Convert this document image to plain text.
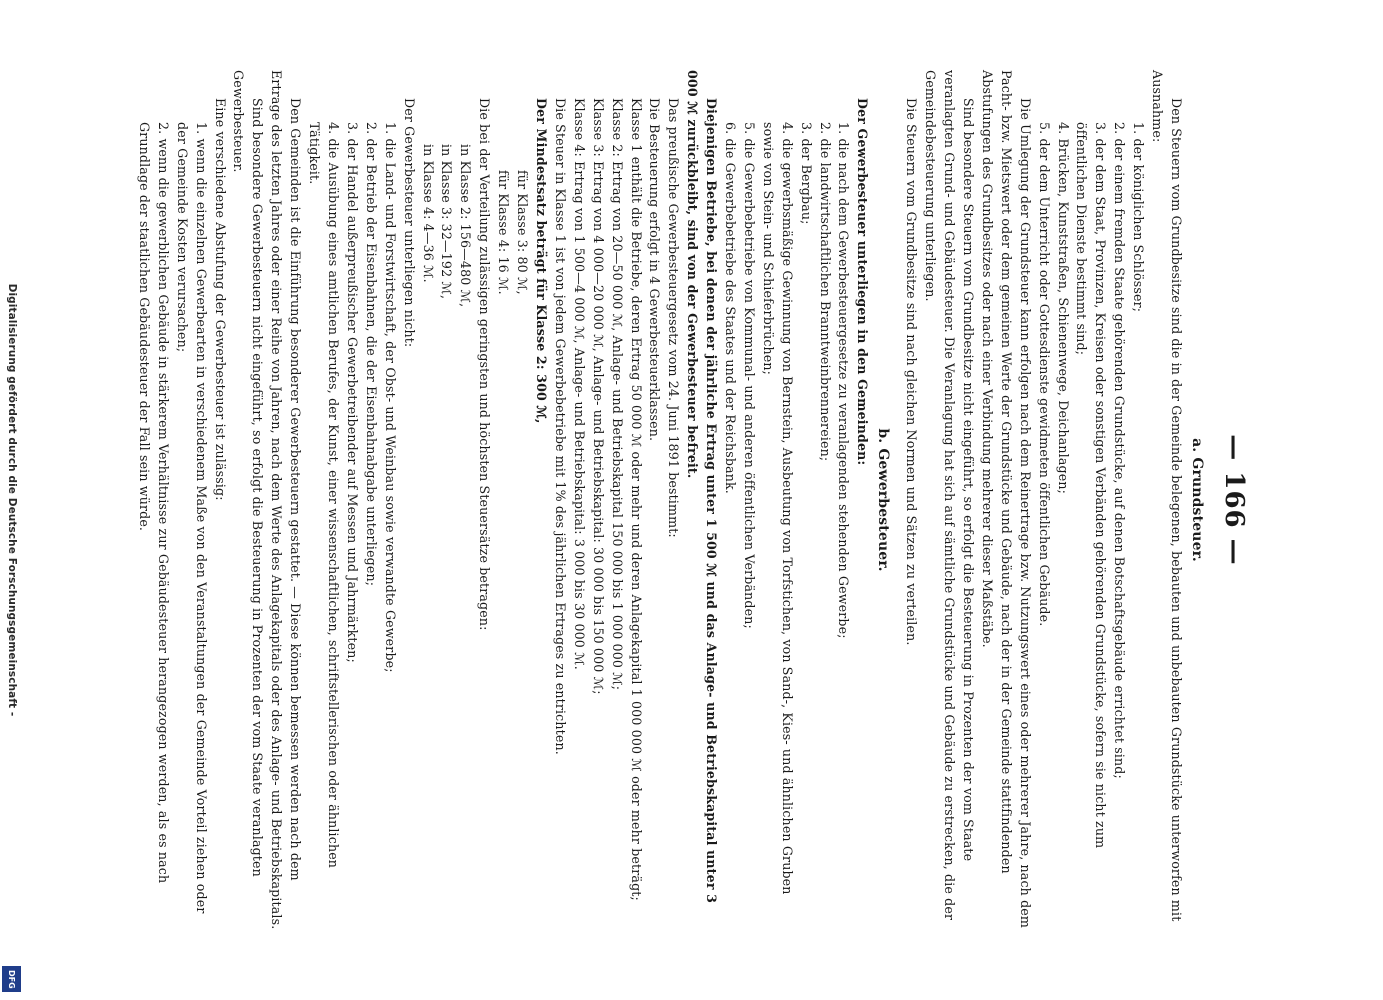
— 166 —

a. Grundsteuer.

Den Steuern vom Grundbesitze sind die in der Gemeinde belegenen, bebauten und unbebauten Grundstücke unterworfen mit Ausnahme:

1. der königlichen Schlösser;

2. der einem fremden Staate gehörenden Grundstücke, auf denen Botschaftsgebäude errichtet sind;

3. der dem Staat, Provinzen, Kreisen oder sonstigen Verbänden gehörenden Grundstücke, sofern sie nicht zum öffentlichen Dienste bestimmt sind;

4. Brücken, Kunststraßen, Schienenwege, Deichanlagen;

5. der dem Unterricht oder Gottesdienste gewidmeten öffentlichen Gebäude.

Die Umlegung der Grundsteuer kann erfolgen nach dem Reinertrage bzw. Nutzungswert eines oder mehrerer Jahre, nach dem Pacht- bzw. Mietswert oder dem gemeinen Werte der Grundstücke und Gebäude, nach der in der Gemeinde stattfindenden Abstufungen des Grundbesitzes oder nach einer Verbindung mehrerer dieser Maßstäbe.

Sind besondere Steuern vom Grundbesitze nicht eingeführt, so erfolgt die Besteuerung in Prozenten der vom Staate veranlagten Grund- und Gebäudesteuer. Die Veranlagung hat sich auf sämtliche Grundstücke und Gebäude zu erstrecken, die der Gemeindebesteuerung unterliegen.

Die Steuern vom Grundbesitze sind nach gleichen Normen und Sätzen zu verteilen.

b. Gewerbesteuer.

Der Gewerbesteuer unterliegen in den Gemeinden:

1. die nach dem Gewerbesteuergesetze zu veranlagenden stehenden Gewerbe;

2. die landwirtschaftlichen Branntweinbrennereien;

3. der Bergbau;

4. die gewerbsmäßige Gewinnung von Bernstein, Ausbeutung von Torfstichen, von Sand-, Kies- und ähnlichen Gruben sowie von Stein- und Schieferbrüchen;

5. die Gewerbebetriebe von Kommunal- und anderen öffentlichen Verbänden;

6. die Gewerbebetriebe des Staates und der Reichsbank.

Diejenigen Betriebe, bei denen der jährliche Ertrag unter 1 500 ℳ und das Anlage- und Betriebskapital unter 3 000 ℳ zurückbleibt, sind von der Gewerbesteuer befreit.

Das preußische Gewerbesteuergesetz vom 24. Juni 1891 bestimmt:

Die Besteuerung erfolgt in 4 Gewerbesteuerklassen.

Klasse 1 enthält die Betriebe, deren Ertrag 50 000 ℳ oder mehr und deren Anlagekapital 1 000 000 ℳ oder mehr beträgt;

Klasse 2: Ertrag von 20—50 000 ℳ, Anlage- und Betriebskapital 150 000 bis 1 000 000 ℳ;

Klasse 3: Ertrag von 4 000—20 000 ℳ, Anlage- und Betriebskapital: 30 000 bis 150 000 ℳ;

Klasse 4: Ertrag von 1 500—4 000 ℳ, Anlage- und Betriebskapital: 3 000 bis 30 000 ℳ.

Die Steuer in Klasse 1 ist von jedem Gewerbebetriebe mit 1% des jährlichen Ertrages zu entrichten.

Der Mindestsatz beträgt für Klasse 2: 300 ℳ,

für Klasse 3: 80 ℳ,

für Klasse 4: 16 ℳ.

Die bei der Verteilung zulässigen geringsten und höchsten Steuersätze betragen:

in Klasse 2: 156—480 ℳ,

in Klasse 3: 32—192 ℳ,

in Klasse 4: 4—36 ℳ.

Der Gewerbesteuer unterliegen nicht:

1. die Land- und Forstwirtschaft, der Obst- und Weinbau sowie verwandte Gewerbe;

2. der Betrieb der Eisenbahnen, die der Eisenbahnabgabe unterliegen;

3. der Handel außerpreußischer Gewerbetreibender auf Messen und Jahrmärkten;

4. die Ausübung eines amtlichen Berufes, der Kunst, einer wissenschaftlichen, schriftstellerischen oder ähnlichen Tätigkeit.

Den Gemeinden ist die Einführung besonderer Gewerbesteuern gestattet. — Diese können bemessen werden nach dem Ertrage des letzten Jahres oder einer Reihe von Jahren, nach dem Werte des Anlagekapitals oder des Anlage- und Betriebskapitals.

Sind besondere Gewerbesteuern nicht eingeführt, so erfolgt die Besteuerung in Prozenten der vom Staate veranlagten Gewerbesteuer.

Eine verschiedene Abstufung der Gewerbesteuer ist zulässig:

1. wenn die einzelnen Gewerbearten in verschiedenem Maße von den Veranstaltungen der Gemeinde Vorteil ziehen oder der Gemeinde Kosten verursachen;

2. wenn die gewerblichen Gebäude in stärkerem Verhältnisse zur Gebäudesteuer herangezogen werden, als es nach Grundlage der staatlichen Gebäudesteuer der Fall sein würde.

Digitalisierung gefördert durch die Deutsche Forschungsgemeinschaft -
DFG
